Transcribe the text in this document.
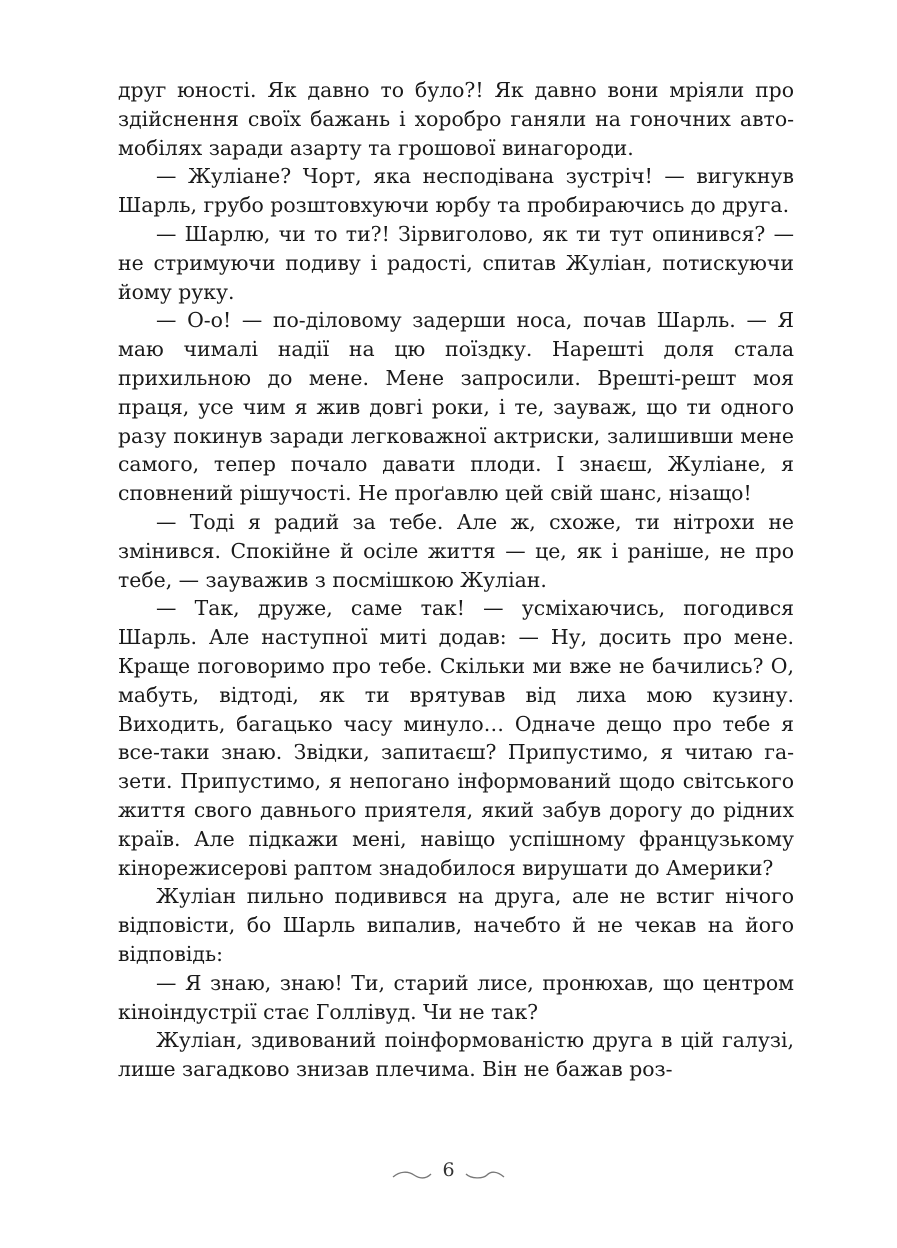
друг юності. Як давно то було?! Як давно вони мріяли про здійснення своїх бажань і хоробро ганяли на гоночних автомобілях заради азарту та грошової винагороди.

— Жуліане? Чорт, яка несподівана зустріч! — вигукнув Шарль, грубо розштовхуючи юрбу та пробираючись до друга.

— Шарлю, чи то ти?! Зірвиголово, як ти тут опинився? — не стримуючи подиву і радості, спитав Жуліан, потискуючи йому руку.

— О-о! — по-діловому задерши носа, почав Шарль. — Я маю чималі надії на цю поїздку. Нарешті доля стала прихильною до мене. Мене запросили. Врешті-решт моя праця, усе чим я жив довгі роки, і те, зауваж, що ти одного разу покинув заради легковажної актриски, залишивши мене самого, тепер почало давати плоди. І знаєш, Жуліане, я сповнений рішучості. Не проґавлю цей свій шанс, нізащо!

— Тоді я радий за тебе. Але ж, схоже, ти нітрохи не змінився. Спокійне й осіле життя — це, як і раніше, не про тебе, — зауважив з посмішкою Жуліан.

— Так, друже, саме так! — усміхаючись, погодився Шарль. Але наступної миті додав: — Ну, досить про мене. Краще поговоримо про тебе. Скільки ми вже не бачились? О, мабуть, відтоді, як ти врятував від лиха мою кузину. Виходить, багацько часу минуло… Одначе дещо про тебе я все-таки знаю. Звідки, запитаєш? Припустимо, я читаю газети. Припустимо, я непогано інформований щодо світського життя свого давнього приятеля, який забув дорогу до рідних країв. Але підкажи мені, навіщо успішному французькому кінорежисерові раптом знадобилося вирушати до Америки?

Жуліан пильно подивився на друга, але не встиг нічого відповісти, бо Шарль випалив, начебто й не чекав на його відповідь:

— Я знаю, знаю! Ти, старий лисе, пронюхав, що центром кіноіндустрії стає Голлівуд. Чи не так?

Жуліан, здивований поінформованістю друга в цій галузі, лише загадково знизав плечима. Він не бажав роз-

6
